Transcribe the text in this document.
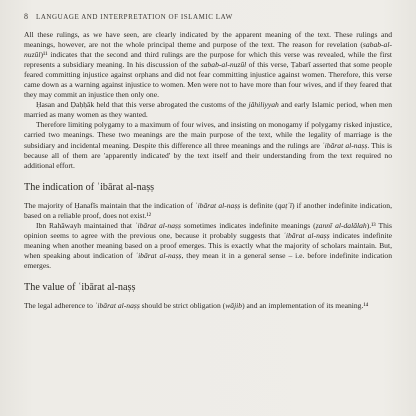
8 LANGUAGE AND INTERPRETATION OF ISLAMIC LAW

All these rulings, as we have seen, are clearly indicated by the apparent meaning of the text. These rulings and meanings, however, are not the whole principal theme and purpose of the text. The reason for revelation (sabab-al-nuzūl)¹¹ indicates that the second and third rulings are the purpose for which this verse was revealed, while the first represents a subsidiary meaning. In his discussion of the sabab-al-nuzūl of this verse, Ṭabarī asserted that some people feared committing injustice against orphans and did not fear committing injustice against women. Therefore, this verse came down as a warning against injustice to women. Men were not to have more than four wives, and if they feared that they may commit an injustice then only one.

Ḥasan and Ḍaḥḥāk held that this verse abrogated the customs of the jāhiliyyah and early Islamic period, when men married as many women as they wanted.

Therefore limiting polygamy to a maximum of four wives, and insisting on monogamy if polygamy risked injustice, carried two meanings. These two meanings are the main purpose of the text, while the legality of marriage is the subsidiary and incidental meaning. Despite this difference all three meanings and the rulings are ʿibārat al-naṣṣ. This is because all of them are 'apparently indicated' by the text itself and their understanding from the text required no additional effort.

The indication of ʿibārat al-naṣṣ

The majority of Ḥanafīs maintain that the indication of ʿibārat al-naṣṣ is definite (qaṭʿī) if another indefinite indication, based on a reliable proof, does not exist.¹²

Ibn Rahāwayh maintained that ʿibārat al-naṣṣ sometimes indicates indefinite meanings (ẓannī al-dalālah).¹³ This opinion seems to agree with the previous one, because it probably suggests that ʿibārat al-naṣṣ indicates indefinite meaning when another meaning based on a proof emerges. This is exactly what the majority of scholars maintain. But, when speaking about indication of ʿibārat al-naṣṣ, they mean it in a general sense – i.e. before indefinite indication emerges.

The value of ʿibārat al-naṣṣ

The legal adherence to ʿibārat al-naṣṣ should be strict obligation (wājib) and an implementation of its meaning.¹⁴
